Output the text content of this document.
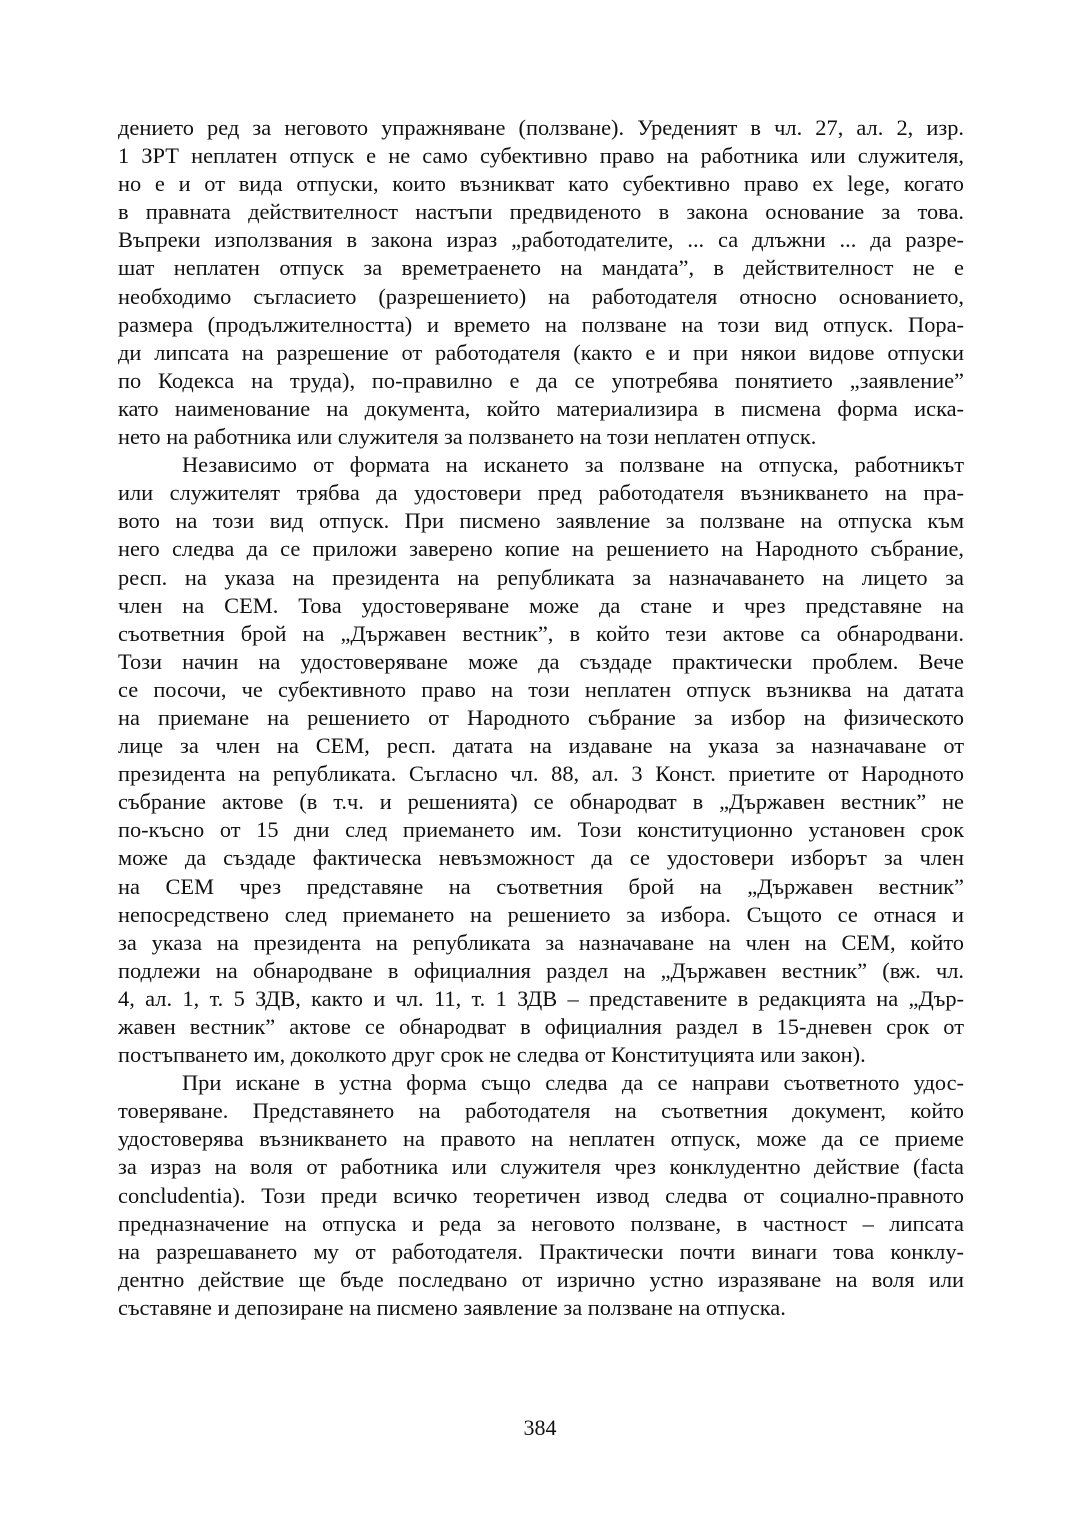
дението ред за неговото упражняване (ползване). Уреденият в чл. 27, ал. 2, изр.
1 ЗРТ неплатен отпуск е не само субективно право на работника или служителя,
но е и от вида отпуски, които възникват като субективно право ex lege, когато
в правната действителност настъпи предвиденото в закона основание за това.
Въпреки използвания в закона израз „работодателите, ... са длъжни ... да разре-
шат неплатен отпуск за времетраенето на мандата”, в действителност не е
необходимо съгласието (разрешението) на работодателя относно основанието,
размера (продължителността) и времето на ползване на този вид отпуск. Пора-
ди липсата на разрешение от работодателя (както е и при някои видове отпуски
по Кодекса на труда), по-правилно е да се употребява понятието „заявление”
като наименование на документа, който материализира в писмена форма иска-
нето на работника или служителя за ползването на този неплатен отпуск.

Независимо от формата на искането за ползване на отпуска, работникът
или служителят трябва да удостовери пред работодателя възникването на пра-
вото на този вид отпуск. При писмено заявление за ползване на отпуска към
него следва да се приложи заверено копие на решението на Народното събрание,
респ. на указа на президента на републиката за назначаването на лицето за
член на СЕМ. Това удостоверяване може да стане и чрез представяне на
съответния брой на „Държавен вестник”, в който тези актове са обнародвани.
Този начин на удостоверяване може да създаде практически проблем. Вече
се посочи, че субективното право на този неплатен отпуск възниква на датата
на приемане на решението от Народното събрание за избор на физическото
лице за член на СЕМ, респ. датата на издаване на указа за назначаване от
президента на републиката. Съгласно чл. 88, ал. 3 Конст. приетите от Народното
събрание актове (в т.ч. и решенията) се обнародват в „Държавен вестник” не
по-късно от 15 дни след приемането им. Този конституционно установен срок
може да създаде фактическа невъзможност да се удостовери изборът за член
на СЕМ чрез представяне на съответния брой на „Държавен вестник”
непосредствено след приемането на решението за избора. Същото се отнася и
за указа на президента на републиката за назначаване на член на СЕМ, който
подлежи на обнародване в официалния раздел на „Държавен вестник” (вж. чл.
4, ал. 1, т. 5 ЗДВ, както и чл. 11, т. 1 ЗДВ – представените в редакцията на „Дър-
жавен вестник” актове се обнародват в официалния раздел в 15-дневен срок от
постъпването им, доколкото друг срок не следва от Конституцията или закон).

При искане в устна форма също следва да се направи съответното удос-
товеряване. Представянето на работодателя на съответния документ, който
удостоверява възникването на правото на неплатен отпуск, може да се приеме
за израз на воля от работника или служителя чрез конклудентно действие (facta
concludentia). Този преди всичко теоретичен извод следва от социално-правното
предназначение на отпуска и реда за неговото ползване, в частност – липсата
на разрешаването му от работодателя. Практически почти винаги това конклу-
дентно действие ще бъде последвано от изрично устно изразяване на воля или
съставяне и депозиране на писмено заявление за ползване на отпуска.

384
